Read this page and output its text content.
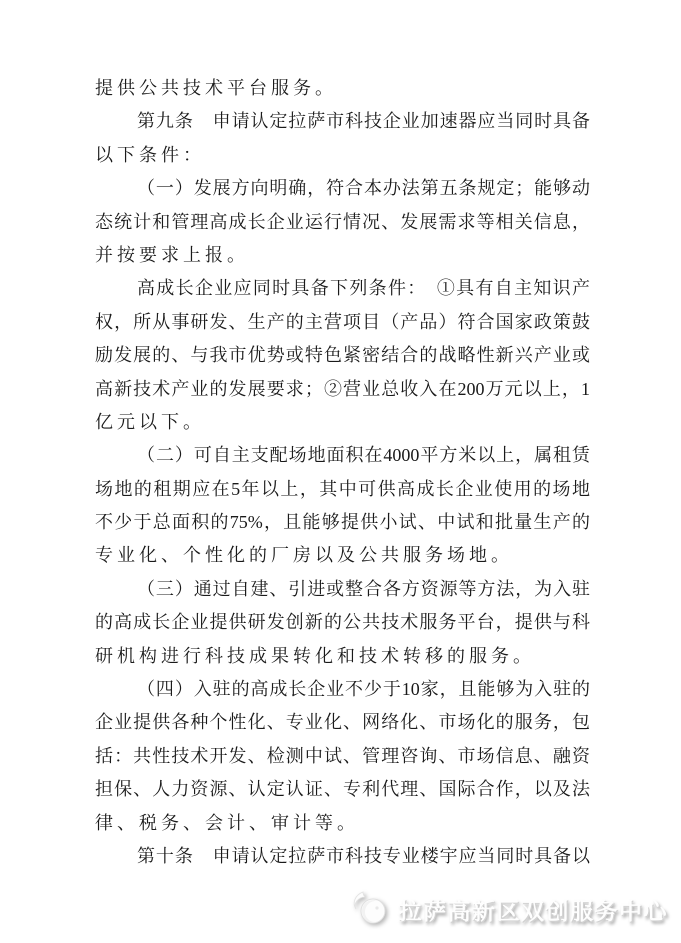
提供公共技术平台服务。
第九条　申请认定拉萨市科技企业加速器应当同时具备
以下条件：
（一）发展方向明确，符合本办法第五条规定；能够动
态统计和管理高成长企业运行情况、发展需求等相关信息，
并按要求上报。
高成长企业应同时具备下列条件：　①具有自主知识产
权，所从事研发、生产的主营项目（产品）符合国家政策鼓
励发展的、与我市优势或特色紧密结合的战略性新兴产业或
高新技术产业的发展要求；②营业总收入在200万元以上，1
亿元以下。
（二）可自主支配场地面积在4000平方米以上，属租赁
场地的租期应在5年以上，其中可供高成长企业使用的场地
不少于总面积的75%，且能够提供小试、中试和批量生产的
专业化、个性化的厂房以及公共服务场地。
（三）通过自建、引进或整合各方资源等方法，为入驻
的高成长企业提供研发创新的公共技术服务平台，提供与科
研机构进行科技成果转化和技术转移的服务。
（四）入驻的高成长企业不少于10家，且能够为入驻的
企业提供各种个性化、专业化、网络化、市场化的服务，包
括：共性技术开发、检测中试、管理咨询、市场信息、融资
担保、人力资源、认定认证、专利代理、国际合作，以及法
律、税务、会计、审计等。
第十条　申请认定拉萨市科技专业楼宇应当同时具备以
拉萨高新区双创服务中心
